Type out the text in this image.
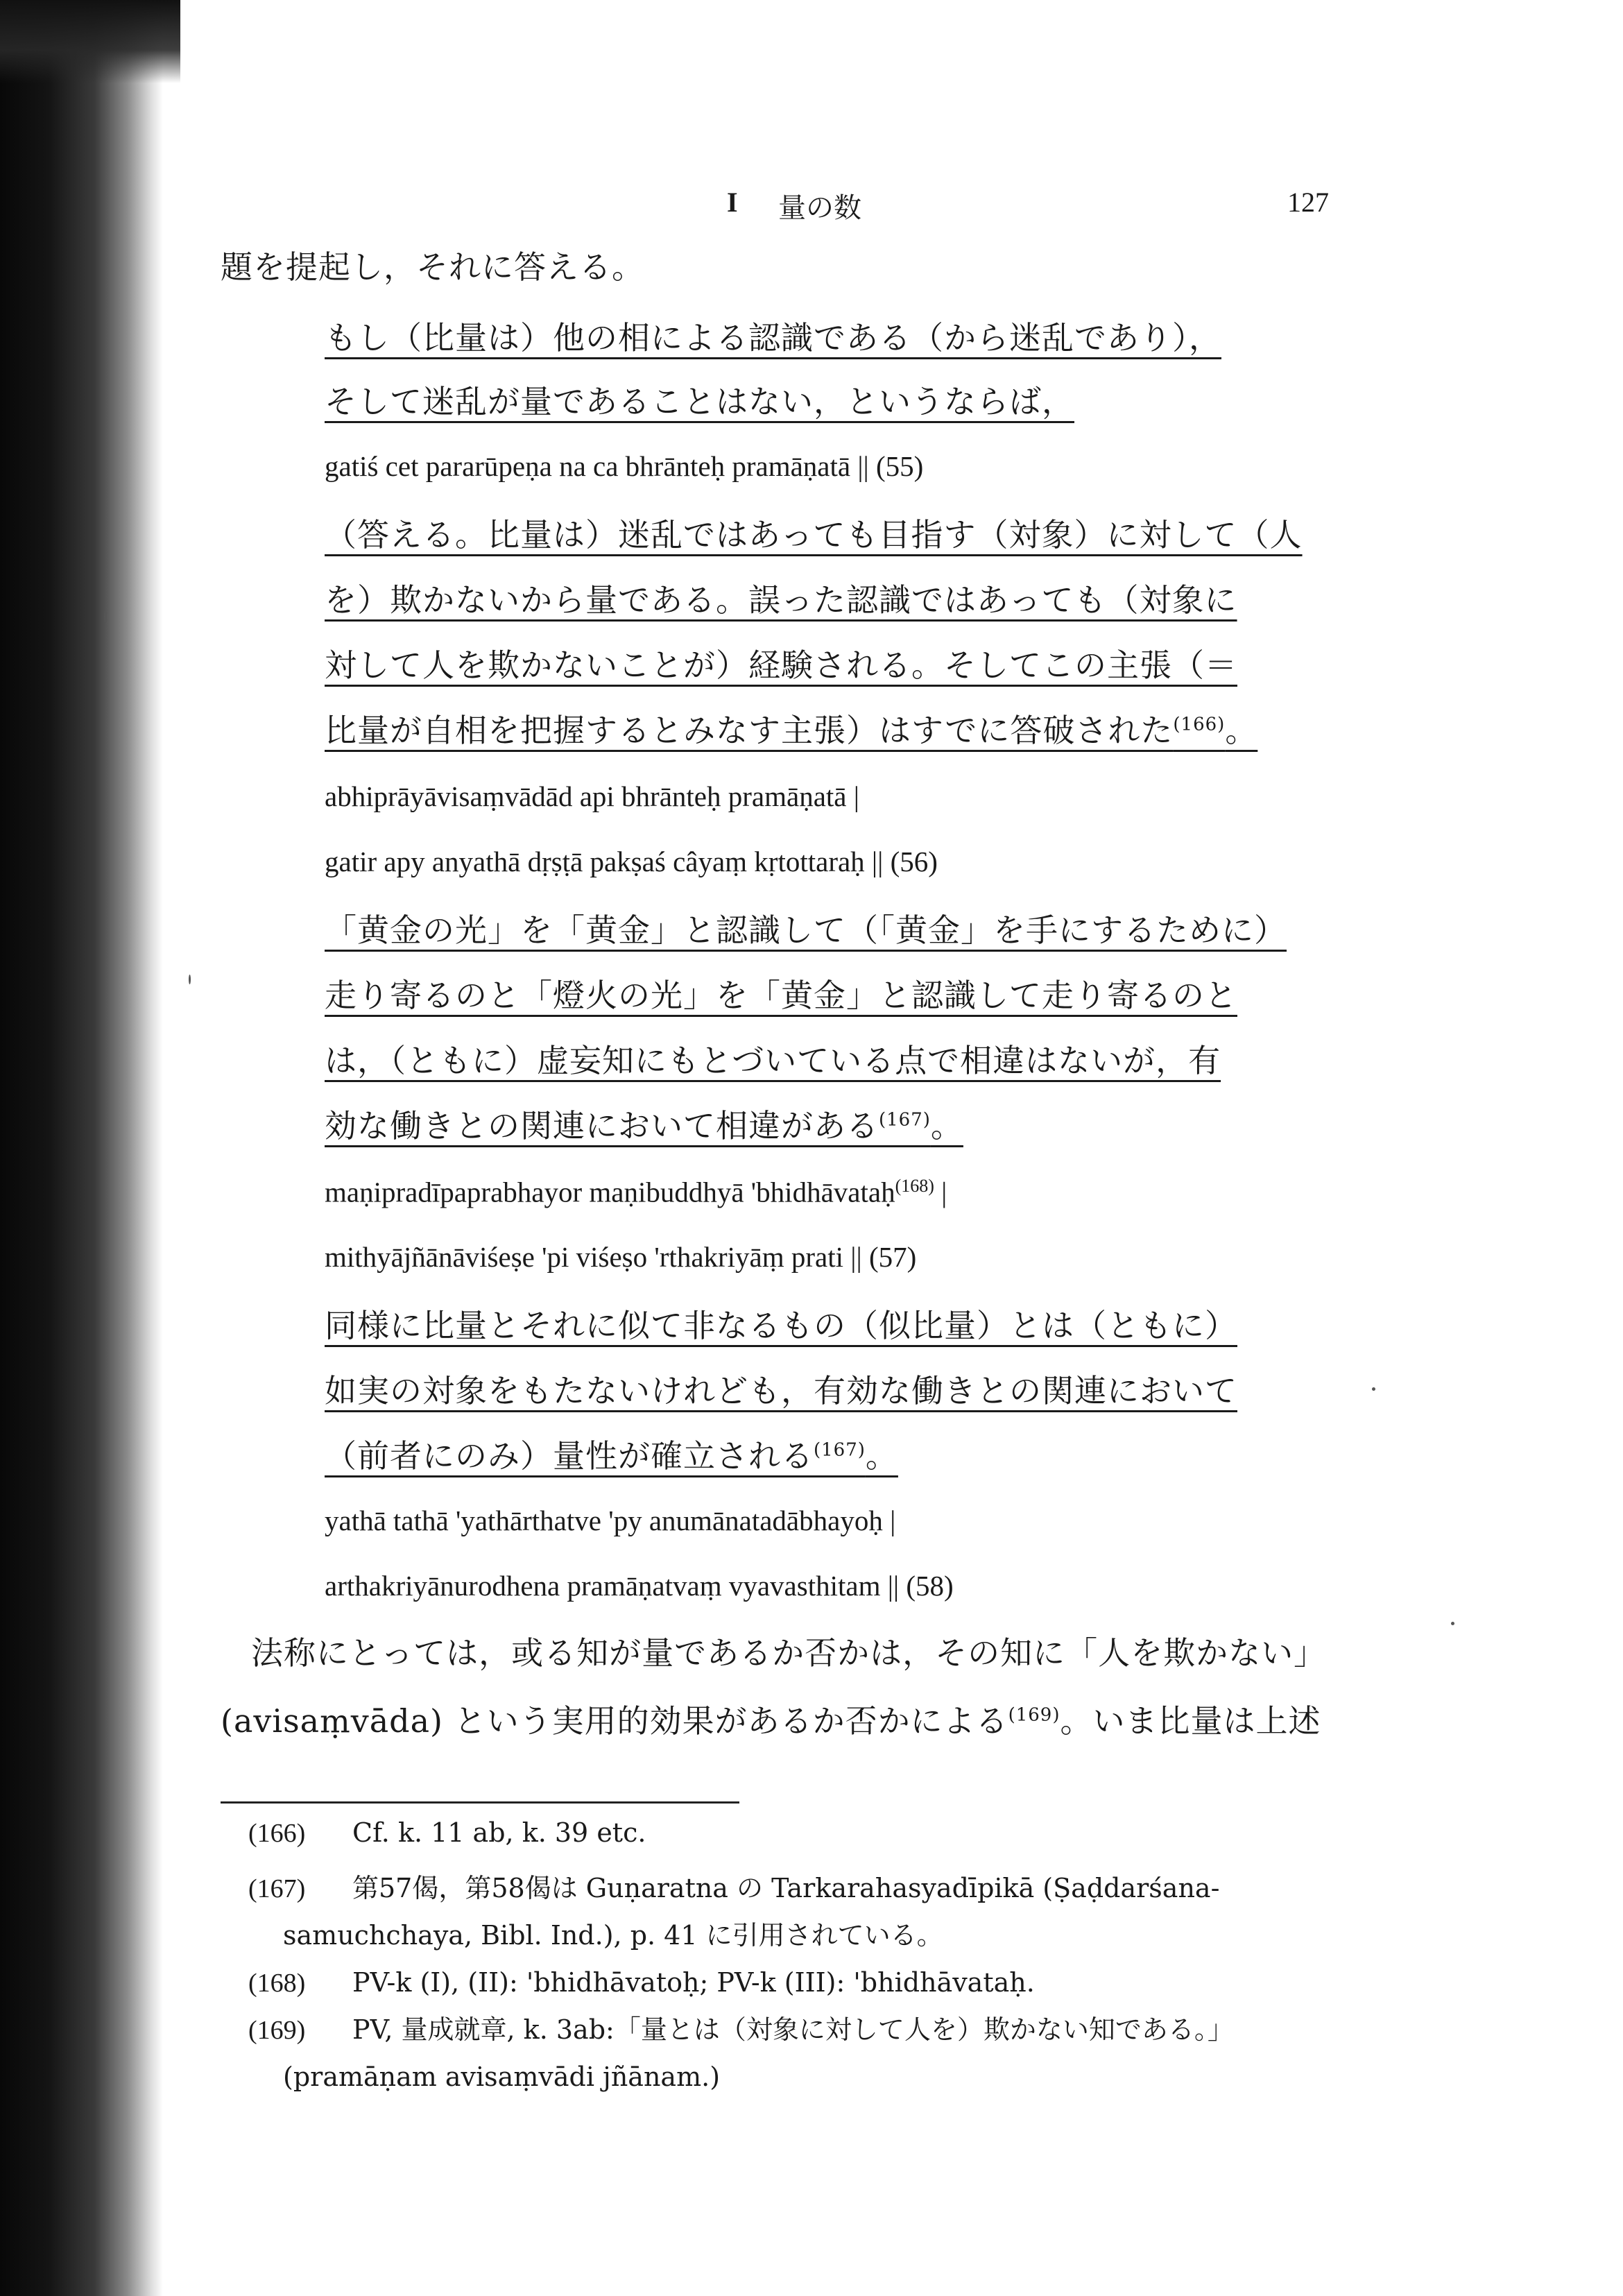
I 量の数	127
題を提起し，それに答える。
もし（比量は）他の相による認識である（から迷乱であり），
そして迷乱が量であることはない，というならば，
gatiś cet pararūpeṇa na ca bhrānteḥ pramāṇatā || (55)
（答える。比量は）迷乱ではあっても目指す（対象）に対して（人
を）欺かないから量である。誤った認識ではあっても（対象に
対して人を欺かないことが）経験される。そしてこの主張（＝
比量が自相を把握するとみなす主張）はすでに答破された$^{(166)}$。
abhiprāyāvisaṃvādād api bhrānteḥ pramāṇatā |
gatir apy anyathā dṛṣṭā pakṣaś câyaṃ kṛtottaraḥ || (56)
「黄金の光」を「黄金」と認識して（「黄金」を手にするために）
走り寄るのと「燈火の光」を「黄金」と認識して走り寄るのと
は，（ともに）虚妄知にもとづいている点で相違はないが，有
効な働きとの関連において相違がある$^{(167)}$。
maṇipradīpaprabhayor maṇibuddhyā 'bhidhāvataḥ$^{(168)}$ |
mithyājñānāviśeṣe 'pi viśeṣo 'rthakriyāṃ prati || (57)
同様に比量とそれに似て非なるもの（似比量）とは（ともに）
如実の対象をもたないけれども，有効な働きとの関連において
（前者にのみ）量性が確立される$^{(167)}$。
yathā tathā 'yathārthatve 'py anumānatadābhayoḥ |
arthakriyānurodhena pramāṇatvaṃ vyavasthitam || (58)
法称にとっては，或る知が量であるか否かは，その知に「人を欺かない」
(avisaṃvāda) という実用的効果があるか否かによる$^{(169)}$。いま比量は上述
(166) Cf. k. 11 ab, k. 39 etc.
(167) 第57偈，第58偈は Guṇaratna の Tarkarahasyadīpikā (Ṣaḍdarśana-
samuchchaya, Bibl. Ind.), p. 41 に引用されている。
(168) PV-k (I), (II): 'bhidhāvatoḥ; PV-k (III): 'bhidhāvataḥ.
(169) PV, 量成就章, k. 3ab:「量とは（対象に対して人を）欺かない知である。」
(pramāṇam avisaṃvādi jñānam.)
